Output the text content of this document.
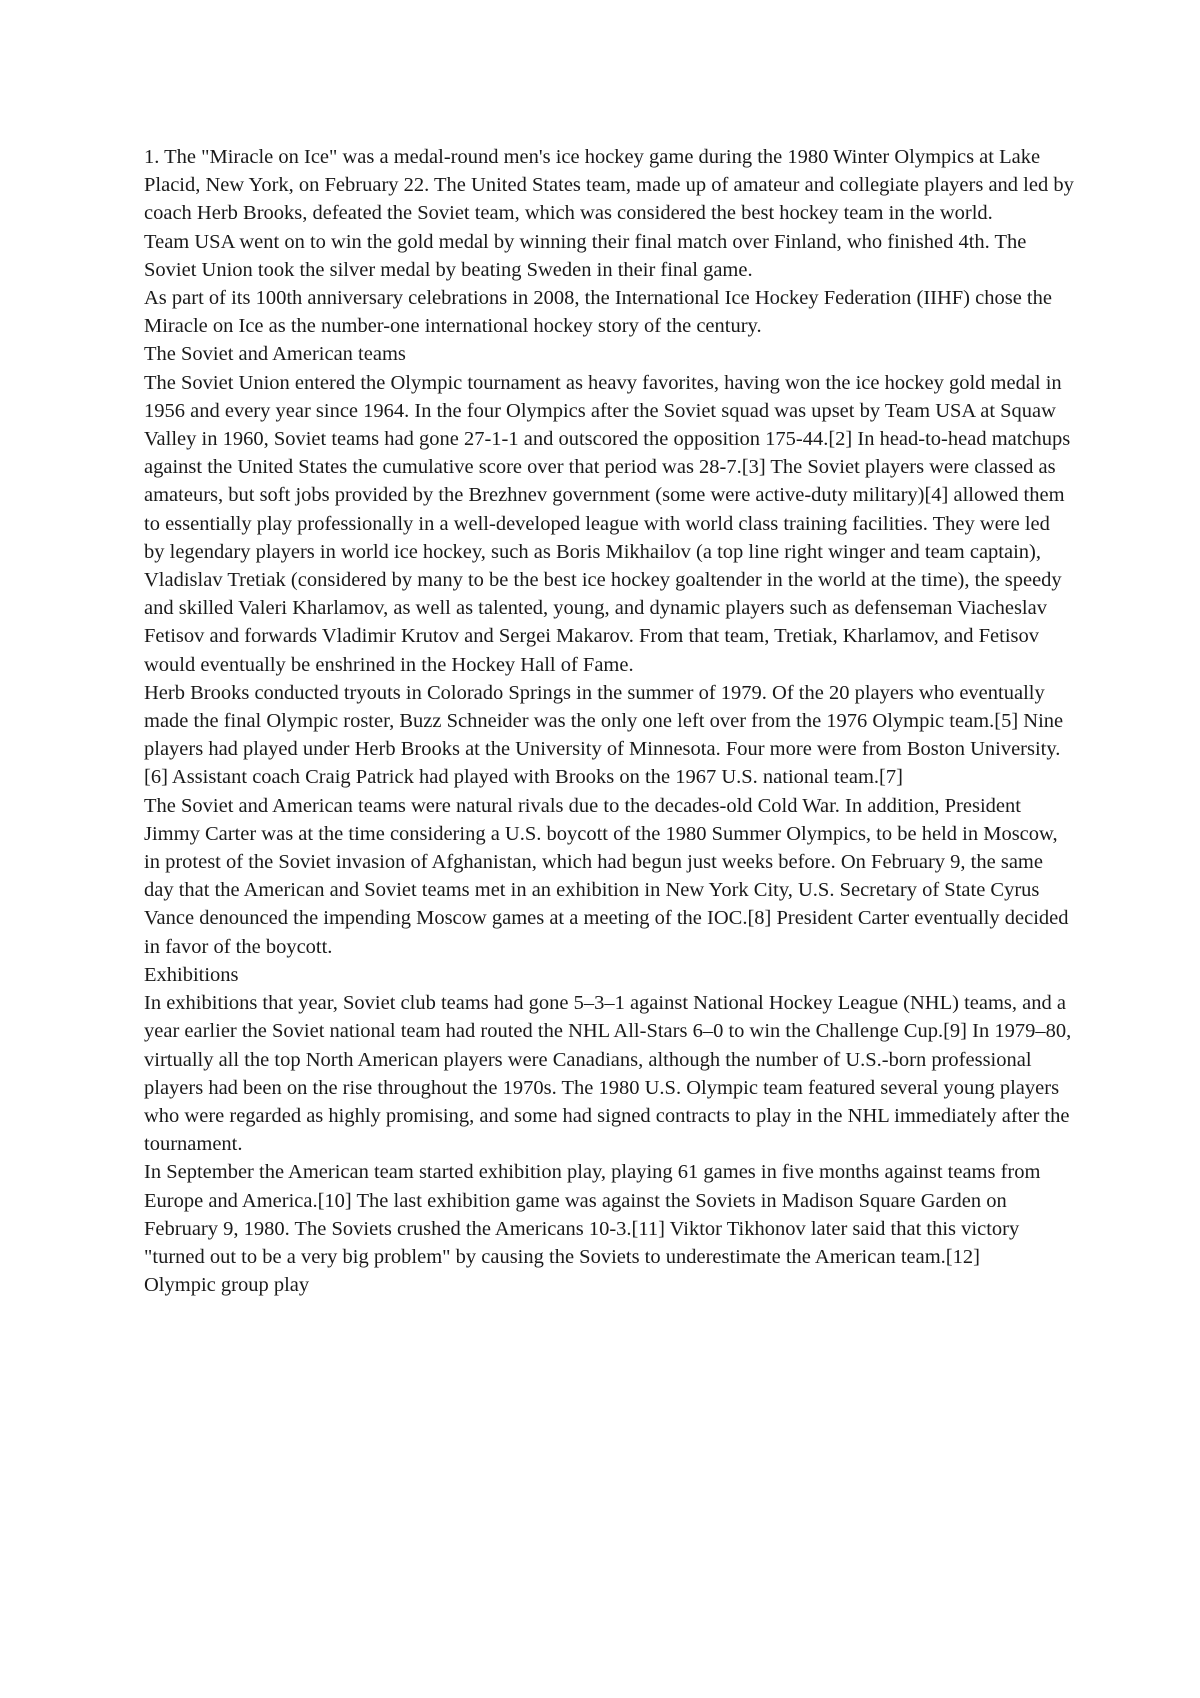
1. The "Miracle on Ice" was a medal-round men's ice hockey game during the 1980 Winter Olympics at Lake Placid, New York, on February 22. The United States team, made up of amateur and collegiate players and led by coach Herb Brooks, defeated the Soviet team, which was considered the best hockey team in the world.

Team USA went on to win the gold medal by winning their final match over Finland, who finished 4th. The Soviet Union took the silver medal by beating Sweden in their final game.

As part of its 100th anniversary celebrations in 2008, the International Ice Hockey Federation (IIHF) chose the Miracle on Ice as the number-one international hockey story of the century.

The Soviet and American teams

The Soviet Union entered the Olympic tournament as heavy favorites, having won the ice hockey gold medal in 1956 and every year since 1964. In the four Olympics after the Soviet squad was upset by Team USA at Squaw Valley in 1960, Soviet teams had gone 27-1-1 and outscored the opposition 175-44.[2] In head-to-head matchups against the United States the cumulative score over that period was 28-7.[3] The Soviet players were classed as amateurs, but soft jobs provided by the Brezhnev government (some were active-duty military)[4] allowed them to essentially play professionally in a well-developed league with world class training facilities. They were led by legendary players in world ice hockey, such as Boris Mikhailov (a top line right winger and team captain), Vladislav Tretiak (considered by many to be the best ice hockey goaltender in the world at the time), the speedy and skilled Valeri Kharlamov, as well as talented, young, and dynamic players such as defenseman Viacheslav Fetisov and forwards Vladimir Krutov and Sergei Makarov. From that team, Tretiak, Kharlamov, and Fetisov would eventually be enshrined in the Hockey Hall of Fame.

Herb Brooks conducted tryouts in Colorado Springs in the summer of 1979. Of the 20 players who eventually made the final Olympic roster, Buzz Schneider was the only one left over from the 1976 Olympic team.[5] Nine players had played under Herb Brooks at the University of Minnesota. Four more were from Boston University.[6] Assistant coach Craig Patrick had played with Brooks on the 1967 U.S. national team.[7]

The Soviet and American teams were natural rivals due to the decades-old Cold War. In addition, President Jimmy Carter was at the time considering a U.S. boycott of the 1980 Summer Olympics, to be held in Moscow, in protest of the Soviet invasion of Afghanistan, which had begun just weeks before. On February 9, the same day that the American and Soviet teams met in an exhibition in New York City, U.S. Secretary of State Cyrus Vance denounced the impending Moscow games at a meeting of the IOC.[8] President Carter eventually decided in favor of the boycott.

Exhibitions

In exhibitions that year, Soviet club teams had gone 5–3–1 against National Hockey League (NHL) teams, and a year earlier the Soviet national team had routed the NHL All-Stars 6–0 to win the Challenge Cup.[9] In 1979–80, virtually all the top North American players were Canadians, although the number of U.S.-born professional players had been on the rise throughout the 1970s. The 1980 U.S. Olympic team featured several young players who were regarded as highly promising, and some had signed contracts to play in the NHL immediately after the tournament.

In September the American team started exhibition play, playing 61 games in five months against teams from Europe and America.[10] The last exhibition game was against the Soviets in Madison Square Garden on February 9, 1980. The Soviets crushed the Americans 10-3.[11] Viktor Tikhonov later said that this victory "turned out to be a very big problem" by causing the Soviets to underestimate the American team.[12]

Olympic group play
